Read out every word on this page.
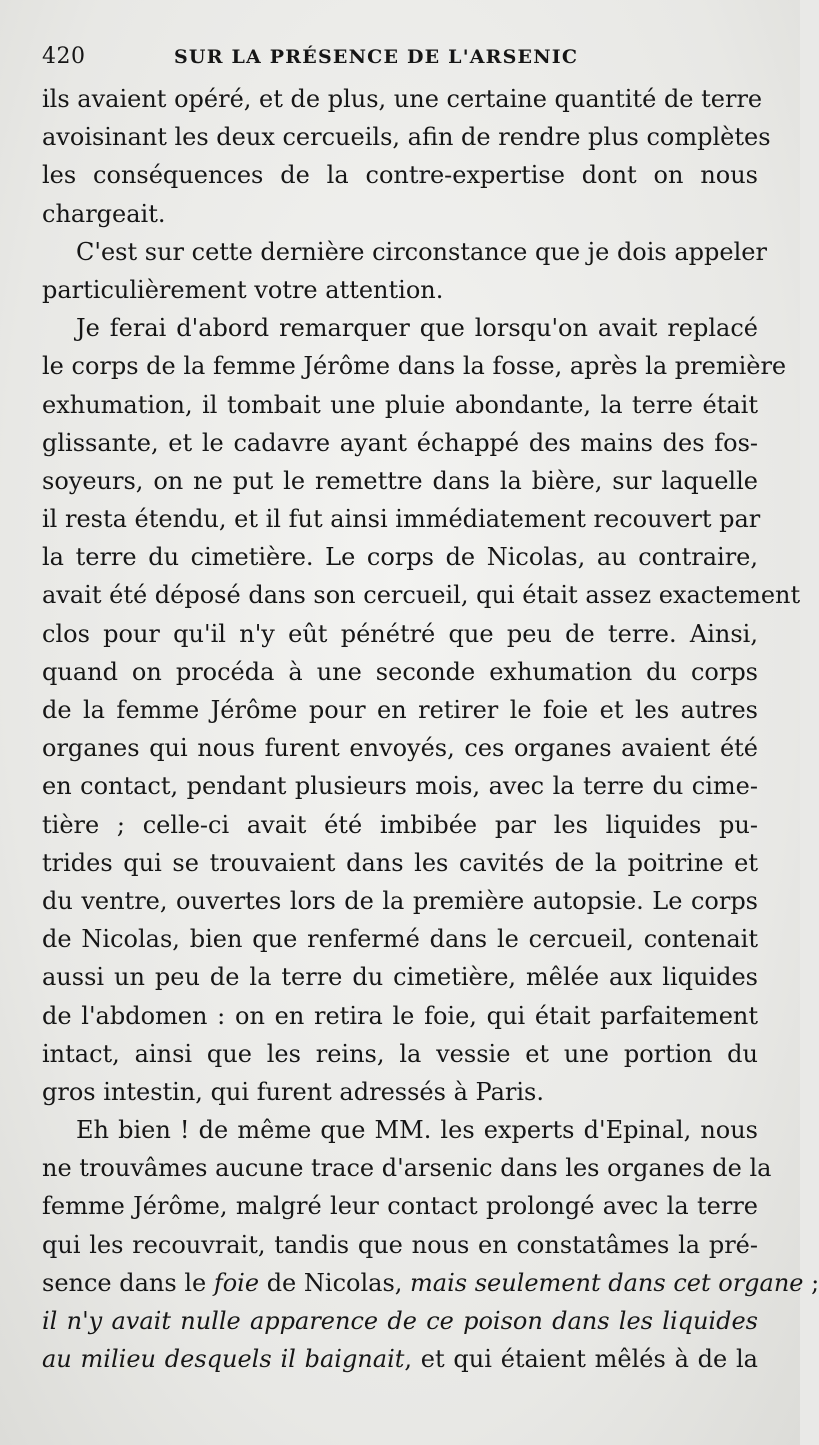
420	SUR LA PRÉSENCE DE L'ARSENIC
ils avaient opéré, et de plus, une certaine quantité de terre
avoisinant les deux cercueils, afin de rendre plus complètes
les conséquences de la contre-expertise dont on nous
chargeait.
C'est sur cette dernière circonstance que je dois appeler
particulièrement votre attention.
Je ferai d'abord remarquer que lorsqu'on avait replacé
le corps de la femme Jérôme dans la fosse, après la première
exhumation, il tombait une pluie abondante, la terre était
glissante, et le cadavre ayant échappé des mains des fos-
soyeurs, on ne put le remettre dans la bière, sur laquelle
il resta étendu, et il fut ainsi immédiatement recouvert par
la terre du cimetière. Le corps de Nicolas, au contraire,
avait été déposé dans son cercueil, qui était assez exactement
clos pour qu'il n'y eût pénétré que peu de terre. Ainsi,
quand on procéda à une seconde exhumation du corps
de la femme Jérôme pour en retirer le foie et les autres
organes qui nous furent envoyés, ces organes avaient été
en contact, pendant plusieurs mois, avec la terre du cime-
tière ; celle-ci avait été imbibée par les liquides pu-
trides qui se trouvaient dans les cavités de la poitrine et
du ventre, ouvertes lors de la première autopsie. Le corps
de Nicolas, bien que renfermé dans le cercueil, contenait
aussi un peu de la terre du cimetière, mêlée aux liquides
de l'abdomen : on en retira le foie, qui était parfaitement
intact, ainsi que les reins, la vessie et une portion du
gros intestin, qui furent adressés à Paris.
Eh bien ! de même que MM. les experts d'Epinal, nous
ne trouvâmes aucune trace d'arsenic dans les organes de la
femme Jérôme, malgré leur contact prolongé avec la terre
qui les recouvrait, tandis que nous en constatâmes la pré-
sence dans le foie de Nicolas, mais seulement dans cet organe ;
il n'y avait nulle apparence de ce poison dans les liquides
au milieu desquels il baignait, et qui étaient mêlés à de la
